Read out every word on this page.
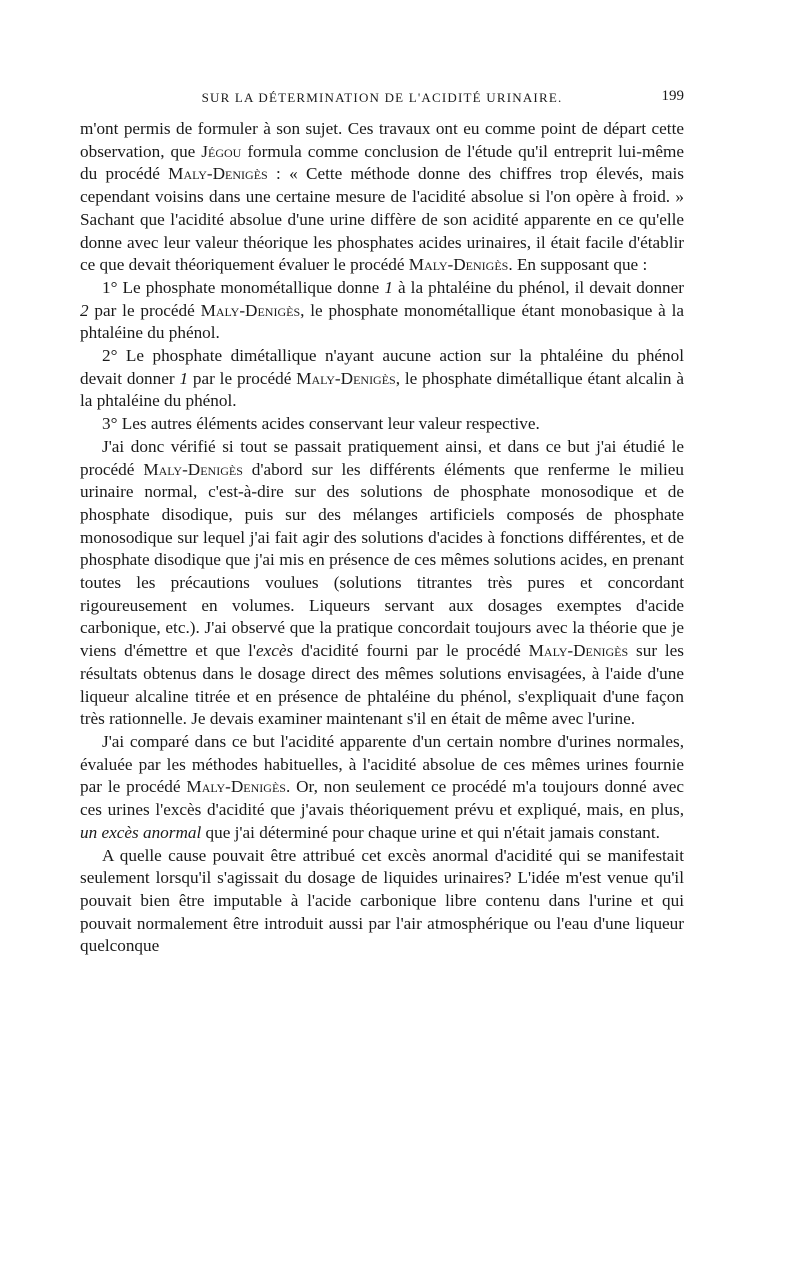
SUR LA DÉTERMINATION DE L'ACIDITÉ URINAIRE.	199

m'ont permis de formuler à son sujet. Ces travaux ont eu comme point de départ cette observation, que Jégou formula comme conclusion de l'étude qu'il entreprit lui-même du procédé Maly-Denigès : « Cette méthode donne des chiffres trop élevés, mais cependant voisins dans une certaine mesure de l'acidité absolue si l'on opère à froid. » Sachant que l'acidité absolue d'une urine diffère de son acidité apparente en ce qu'elle donne avec leur valeur théorique les phosphates acides urinaires, il était facile d'établir ce que devait théoriquement évaluer le procédé Maly-Denigès. En supposant que :

1° Le phosphate monométallique donne 1 à la phtaléine du phénol, il devait donner 2 par le procédé Maly-Denigès, le phosphate monométallique étant monobasique à la phtaléine du phénol.

2° Le phosphate dimétallique n'ayant aucune action sur la phtaléine du phénol devait donner 1 par le procédé Maly-Denigès, le phosphate dimétallique étant alcalin à la phtaléine du phénol.

3° Les autres éléments acides conservant leur valeur respective.

J'ai donc vérifié si tout se passait pratiquement ainsi, et dans ce but j'ai étudié le procédé Maly-Denigès d'abord sur les différents éléments que renferme le milieu urinaire normal, c'est-à-dire sur des solutions de phosphate monosodique et de phosphate disodique, puis sur des mélanges artificiels composés de phosphate monosodique sur lequel j'ai fait agir des solutions d'acides à fonctions différentes, et de phosphate disodique que j'ai mis en présence de ces mêmes solutions acides, en prenant toutes les précautions voulues (solutions titrantes très pures et concordant rigoureusement en volumes. Liqueurs servant aux dosages exemptes d'acide carbonique, etc.). J'ai observé que la pratique concordait toujours avec la théorie que je viens d'émettre et que l'excès d'acidité fourni par le procédé Maly-Denigès sur les résultats obtenus dans le dosage direct des mêmes solutions envisagées, à l'aide d'une liqueur alcaline titrée et en présence de phtaléine du phénol, s'expliquait d'une façon très rationnelle. Je devais examiner maintenant s'il en était de même avec l'urine.

J'ai comparé dans ce but l'acidité apparente d'un certain nombre d'urines normales, évaluée par les méthodes habituelles, à l'acidité absolue de ces mêmes urines fournie par le procédé Maly-Denigès. Or, non seulement ce procédé m'a toujours donné avec ces urines l'excès d'acidité que j'avais théoriquement prévu et expliqué, mais, en plus, un excès anormal que j'ai déterminé pour chaque urine et qui n'était jamais constant.

A quelle cause pouvait être attribué cet excès anormal d'acidité qui se manifestait seulement lorsqu'il s'agissait du dosage de liquides urinaires? L'idée m'est venue qu'il pouvait bien être imputable à l'acide carbonique libre contenu dans l'urine et qui pouvait normalement être introduit aussi par l'air atmosphérique ou l'eau d'une liqueur quelconque
